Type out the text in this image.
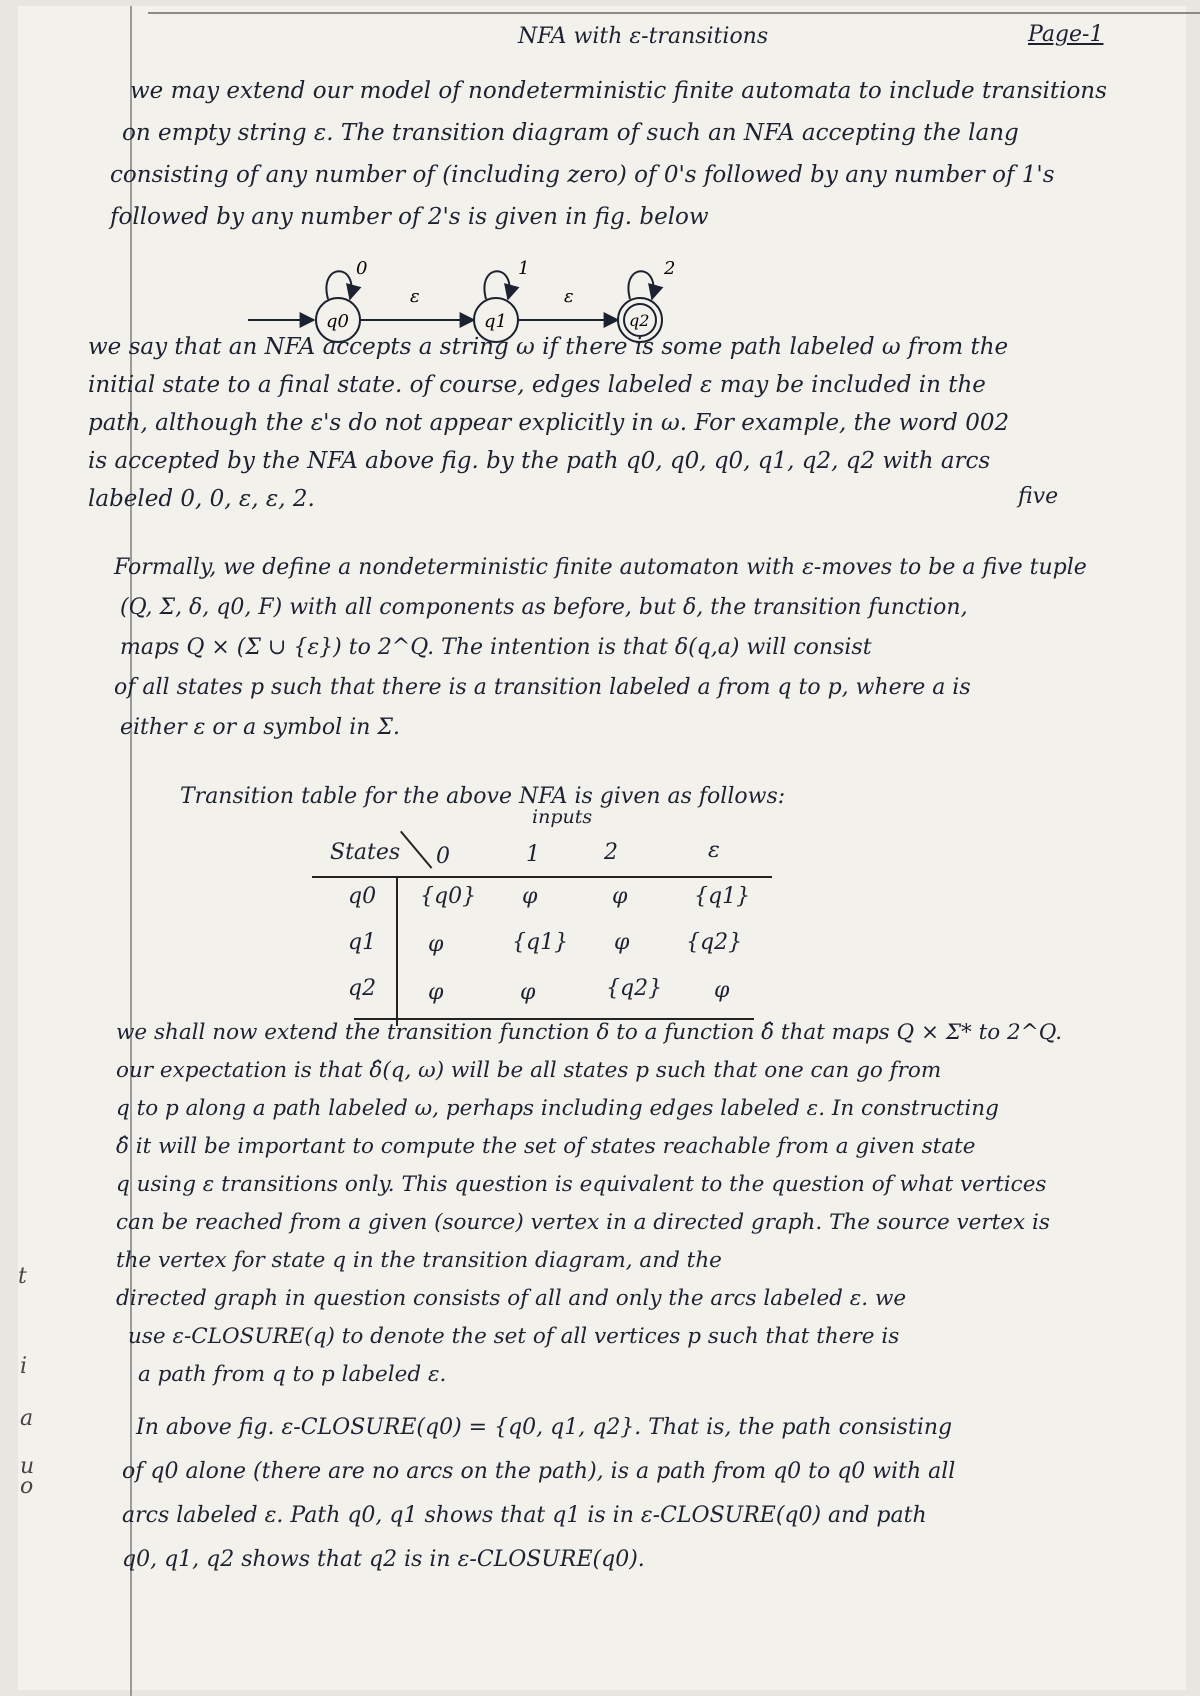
NFA with ε-transitions	Page-1
t
i
a
u
o

we may extend our model of nondeterministic finite automata to include transitions
on empty string ε. The transition diagram of such an NFA accepting the lang
consisting of any number of (including zero) of 0's followed by any number of 1's
followed by any number of 2's is given in fig. below

q0
0
ε
q1
1
ε
q2
2

we say that an NFA accepts a string ω if there is some path labeled ω from the
initial state to a final state. of course, edges labeled ε may be included in the
path, although the ε's do not appear explicitly in ω. For example, the word 002
is accepted by the NFA above fig. by the path q0, q0, q0, q1, q2, q2 with arcs
labeled 0, 0, ε, ε, 2.	five

Formally, we define a nondeterministic finite automaton with ε-moves to be a five tuple
(Q, Σ, δ, q0, F) with all components as before, but δ, the transition function,
maps Q × (Σ ∪ {ε}) to 2^Q. The intention is that δ(q,a) will consist
of all states p such that there is a transition labeled a from q to p, where a is
either ε or a symbol in Σ.

Transition table for the above NFA is given as follows:
inputs
States 0	1	2	ε
q0 {q0} φ	φ	{q1}
q1 φ	{q1} φ	{q2}
q2 φ	φ	{q2} φ

we shall now extend the transition function δ to a function δ̂ that maps Q × Σ* to 2^Q.
our expectation is that δ̂(q, ω) will be all states p such that one can go from
q to p along a path labeled ω, perhaps including edges labeled ε. In constructing
δ̂ it will be important to compute the set of states reachable from a given state
q using ε transitions only. This question is equivalent to the question of what vertices
can be reached from a given (source) vertex in a directed graph. The source vertex is
the vertex for state q in the transition diagram, and the
directed graph in question consists of all and only the arcs labeled ε. we
use ε-CLOSURE(q) to denote the set of all vertices p such that there is
a path from q to p labeled ε.

In above fig. ε-CLOSURE(q0) = {q0, q1, q2}. That is, the path consisting
of q0 alone (there are no arcs on the path), is a path from q0 to q0 with all
arcs labeled ε. Path q0, q1 shows that q1 is in ε-CLOSURE(q0) and path
q0, q1, q2 shows that q2 is in ε-CLOSURE(q0).
